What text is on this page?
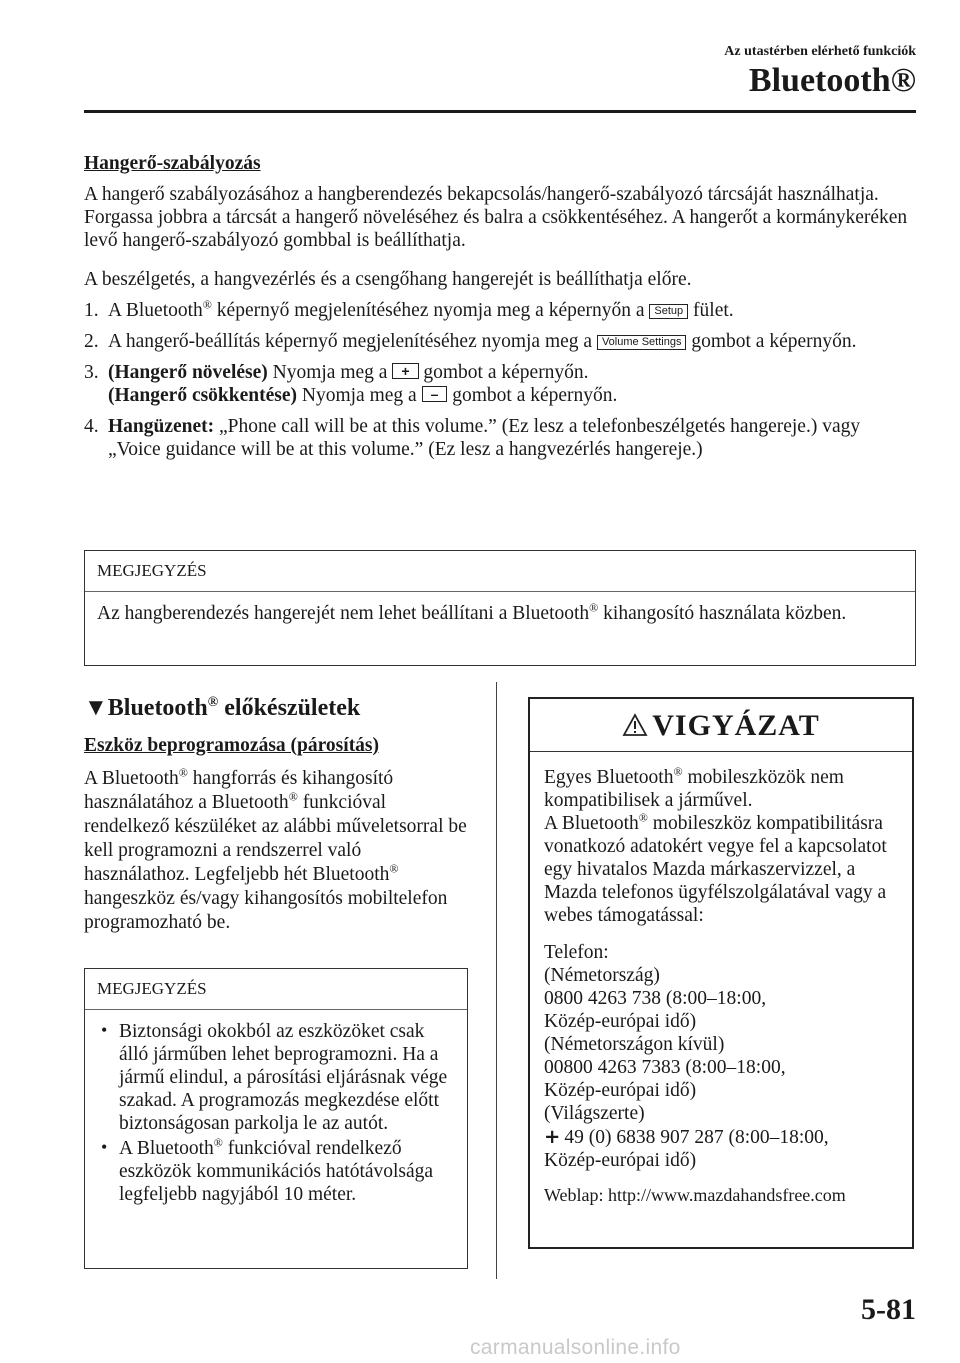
Az utastérben elérhető funkciók
Bluetooth®
Hangerő-szabályozás

A hangerő szabályozásához a hangberendezés bekapcsolás/hangerő-szabályozó tárcsáját használhatja. Forgassa jobbra a tárcsát a hangerő növeléséhez és balra a csökkentéséhez. A hangerőt a kormánykeréken levő hangerő-szabályozó gombbal is beállíthatja.

A beszélgetés, a hangvezérlés és a csengőhang hangerejét is beállíthatja előre.

1. A Bluetooth® képernyő megjelenítéséhez nyomja meg a képernyőn a Setup fület.
2. A hangerő-beállítás képernyő megjelenítéséhez nyomja meg a Volume Settings gombot a képernyőn.
3. (Hangerő növelése) Nyomja meg a + gombot a képernyőn.
(Hangerő csökkentése) Nyomja meg a – gombot a képernyőn.
4. Hangüzenet: „Phone call will be at this volume.” (Ez lesz a telefonbeszélgetés hangereje.) vagy „Voice guidance will be at this volume.” (Ez lesz a hangvezérlés hangereje.)
MEGJEGYZÉS
Az hangberendezés hangerejét nem lehet beállítani a Bluetooth® kihangosító használata közben.
▼Bluetooth® előkészületek
Eszköz beprogramozása (párosítás)

A Bluetooth® hangforrás és kihangosító használatához a Bluetooth® funkcióval rendelkező készüléket az alábbi műveletsorral be kell programozni a rendszerrel való használathoz. Legfeljebb hét Bluetooth® hangeszköz és/vagy kihangosítós mobiltelefon programozható be.

MEGJEGYZÉS
• Biztonsági okokból az eszközöket csak álló járműben lehet beprogramozni. Ha a jármű elindul, a párosítási eljárásnak vége szakad. A programozás megkezdése előtt biztonságosan parkolja le az autót.
• A Bluetooth® funkcióval rendelkező eszközök kommunikációs hatótávolsága legfeljebb nagyjából 10 méter.
VIGYÁZAT

Egyes Bluetooth® mobileszközök nem kompatibilisek a járművel.

A Bluetooth® mobileszköz kompatibilitásra vonatkozó adatokért vegye fel a kapcsolatot egy hivatalos Mazda márkaszervizzel, a Mazda telefonos ügyfélszolgálatával vagy a webes támogatással:

Telefon:
(Németország)
0800 4263 738 (8:00–18:00,
Közép-európai idő)
(Németországon kívül)
00800 4263 7383 (8:00–18:00,
Közép-európai idő)
(Világszerte)
+ 49 (0) 6838 907 287 (8:00–18:00,
Közép-európai idő)
Weblap: http://www.mazdahandsfree.com
5-81
carmanualsonline.info
